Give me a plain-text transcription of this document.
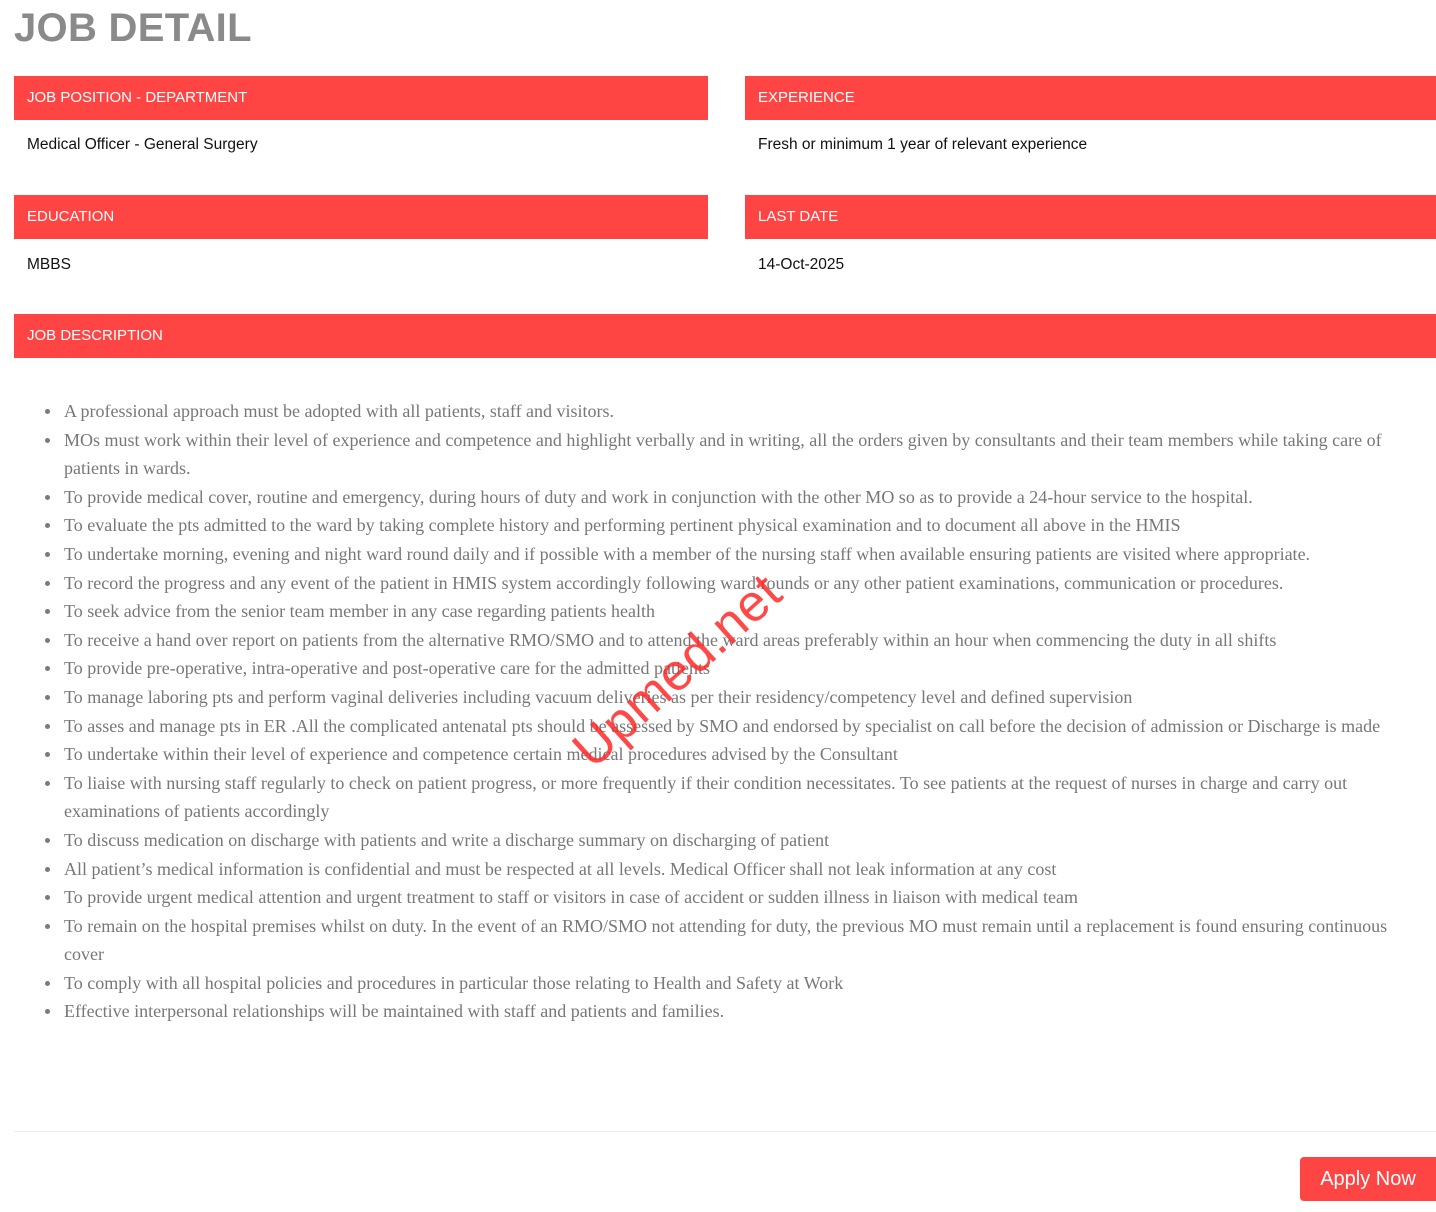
JOB DETAIL
JOB POSITION - DEPARTMENT
Medical Officer - General Surgery
EXPERIENCE
Fresh or minimum 1 year of relevant experience
EDUCATION
MBBS
LAST DATE
14-Oct-2025
JOB DESCRIPTION
A professional approach must be adopted with all patients, staff and visitors.
MOs must work within their level of experience and competence and highlight verbally and in writing, all the orders given by consultants and their team members while taking care of patients in wards.
To provide medical cover, routine and emergency, during hours of duty and work in conjunction with the other MO so as to provide a 24-hour service to the hospital.
To evaluate the pts admitted to the ward by taking complete history and performing pertinent physical examination and to document all above in the HMIS
To undertake morning, evening and night ward round daily and if possible with a member of the nursing staff when available ensuring patients are visited where appropriate.
To record the progress and any event of the patient in HMIS system accordingly following ward rounds or any other patient examinations, communication or procedures.
To seek advice from the senior team member in any case regarding patients health
To receive a hand over report on patients from the alternative RMO/SMO and to attend the ward areas preferably within an hour when commencing the duty in all shifts
To provide pre-operative, intra-operative and post-operative care for the admitted patients
To manage laboring pts and perform vaginal deliveries including vacuum deliveries as per their residency/competency level and defined supervision
To asses and manage pts in ER .All the complicated antenatal pts should be assessed by SMO and endorsed by specialist on call before the decision of admission or Discharge is made
To undertake within their level of experience and competence certain medical procedures advised by the Consultant
To liaise with nursing staff regularly to check on patient progress, or more frequently if their condition necessitates. To see patients at the request of nurses in charge and carry out examinations of patients accordingly
To discuss medication on discharge with patients and write a discharge summary on discharging of patient
All patient’s medical information is confidential and must be respected at all levels. Medical Officer shall not leak information at any cost
To provide urgent medical attention and urgent treatment to staff or visitors in case of accident or sudden illness in liaison with medical team
To remain on the hospital premises whilst on duty. In the event of an RMO/SMO not attending for duty, the previous MO must remain until a replacement is found ensuring continuous cover
To comply with all hospital policies and procedures in particular those relating to Health and Safety at Work
Effective interpersonal relationships will be maintained with staff and patients and families.
Apply Now
Upmed.net
